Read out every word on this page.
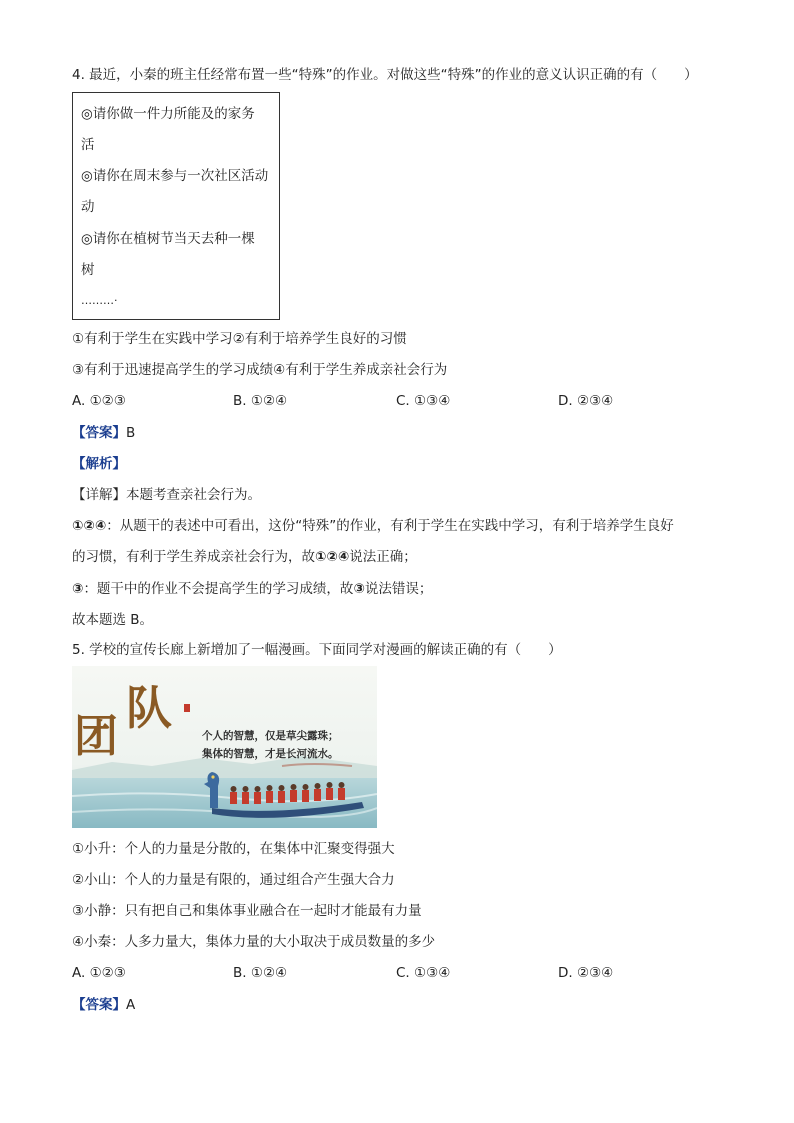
4. 最近，小秦的班主任经常布置一些“特殊”的作业。对做这些“特殊”的作业的意义认识正确的有（　　）
◎请你做一件力所能及的家务
活
◎请你在周末参与一次社区活动
动
◎请你在植树节当天去种一棵
树
………·
①有利于学生在实践中学习②有利于培养学生良好的习惯
③有利于迅速提高学生的学习成绩④有利于学生养成亲社会行为
A. ①②③	B. ①②④	C. ①③④	D. ②③④
【答案】B
【解析】
【详解】本题考查亲社会行为。
①②④：从题干的表述中可看出，这份“特殊”的作业，有利于学生在实践中学习，有利于培养学生良好
的习惯，有利于学生养成亲社会行为，故①②④说法正确；
③：题干中的作业不会提高学生的学习成绩，故③说法错误；
故本题选 B。
5. 学校的宣传长廊上新增加了一幅漫画。下面同学对漫画的解读正确的有（　　）
团
队
个人的智慧，仅是草尖露珠；
集体的智慧，才是长河流水。
①小升：个人的力量是分散的，在集体中汇聚变得强大
②小山：个人的力量是有限的，通过组合产生强大合力
③小静：只有把自己和集体事业融合在一起时才能最有力量
④小秦：人多力量大，集体力量的大小取决于成员数量的多少
A. ①②③	B. ①②④	C. ①③④	D. ②③④
【答案】A
